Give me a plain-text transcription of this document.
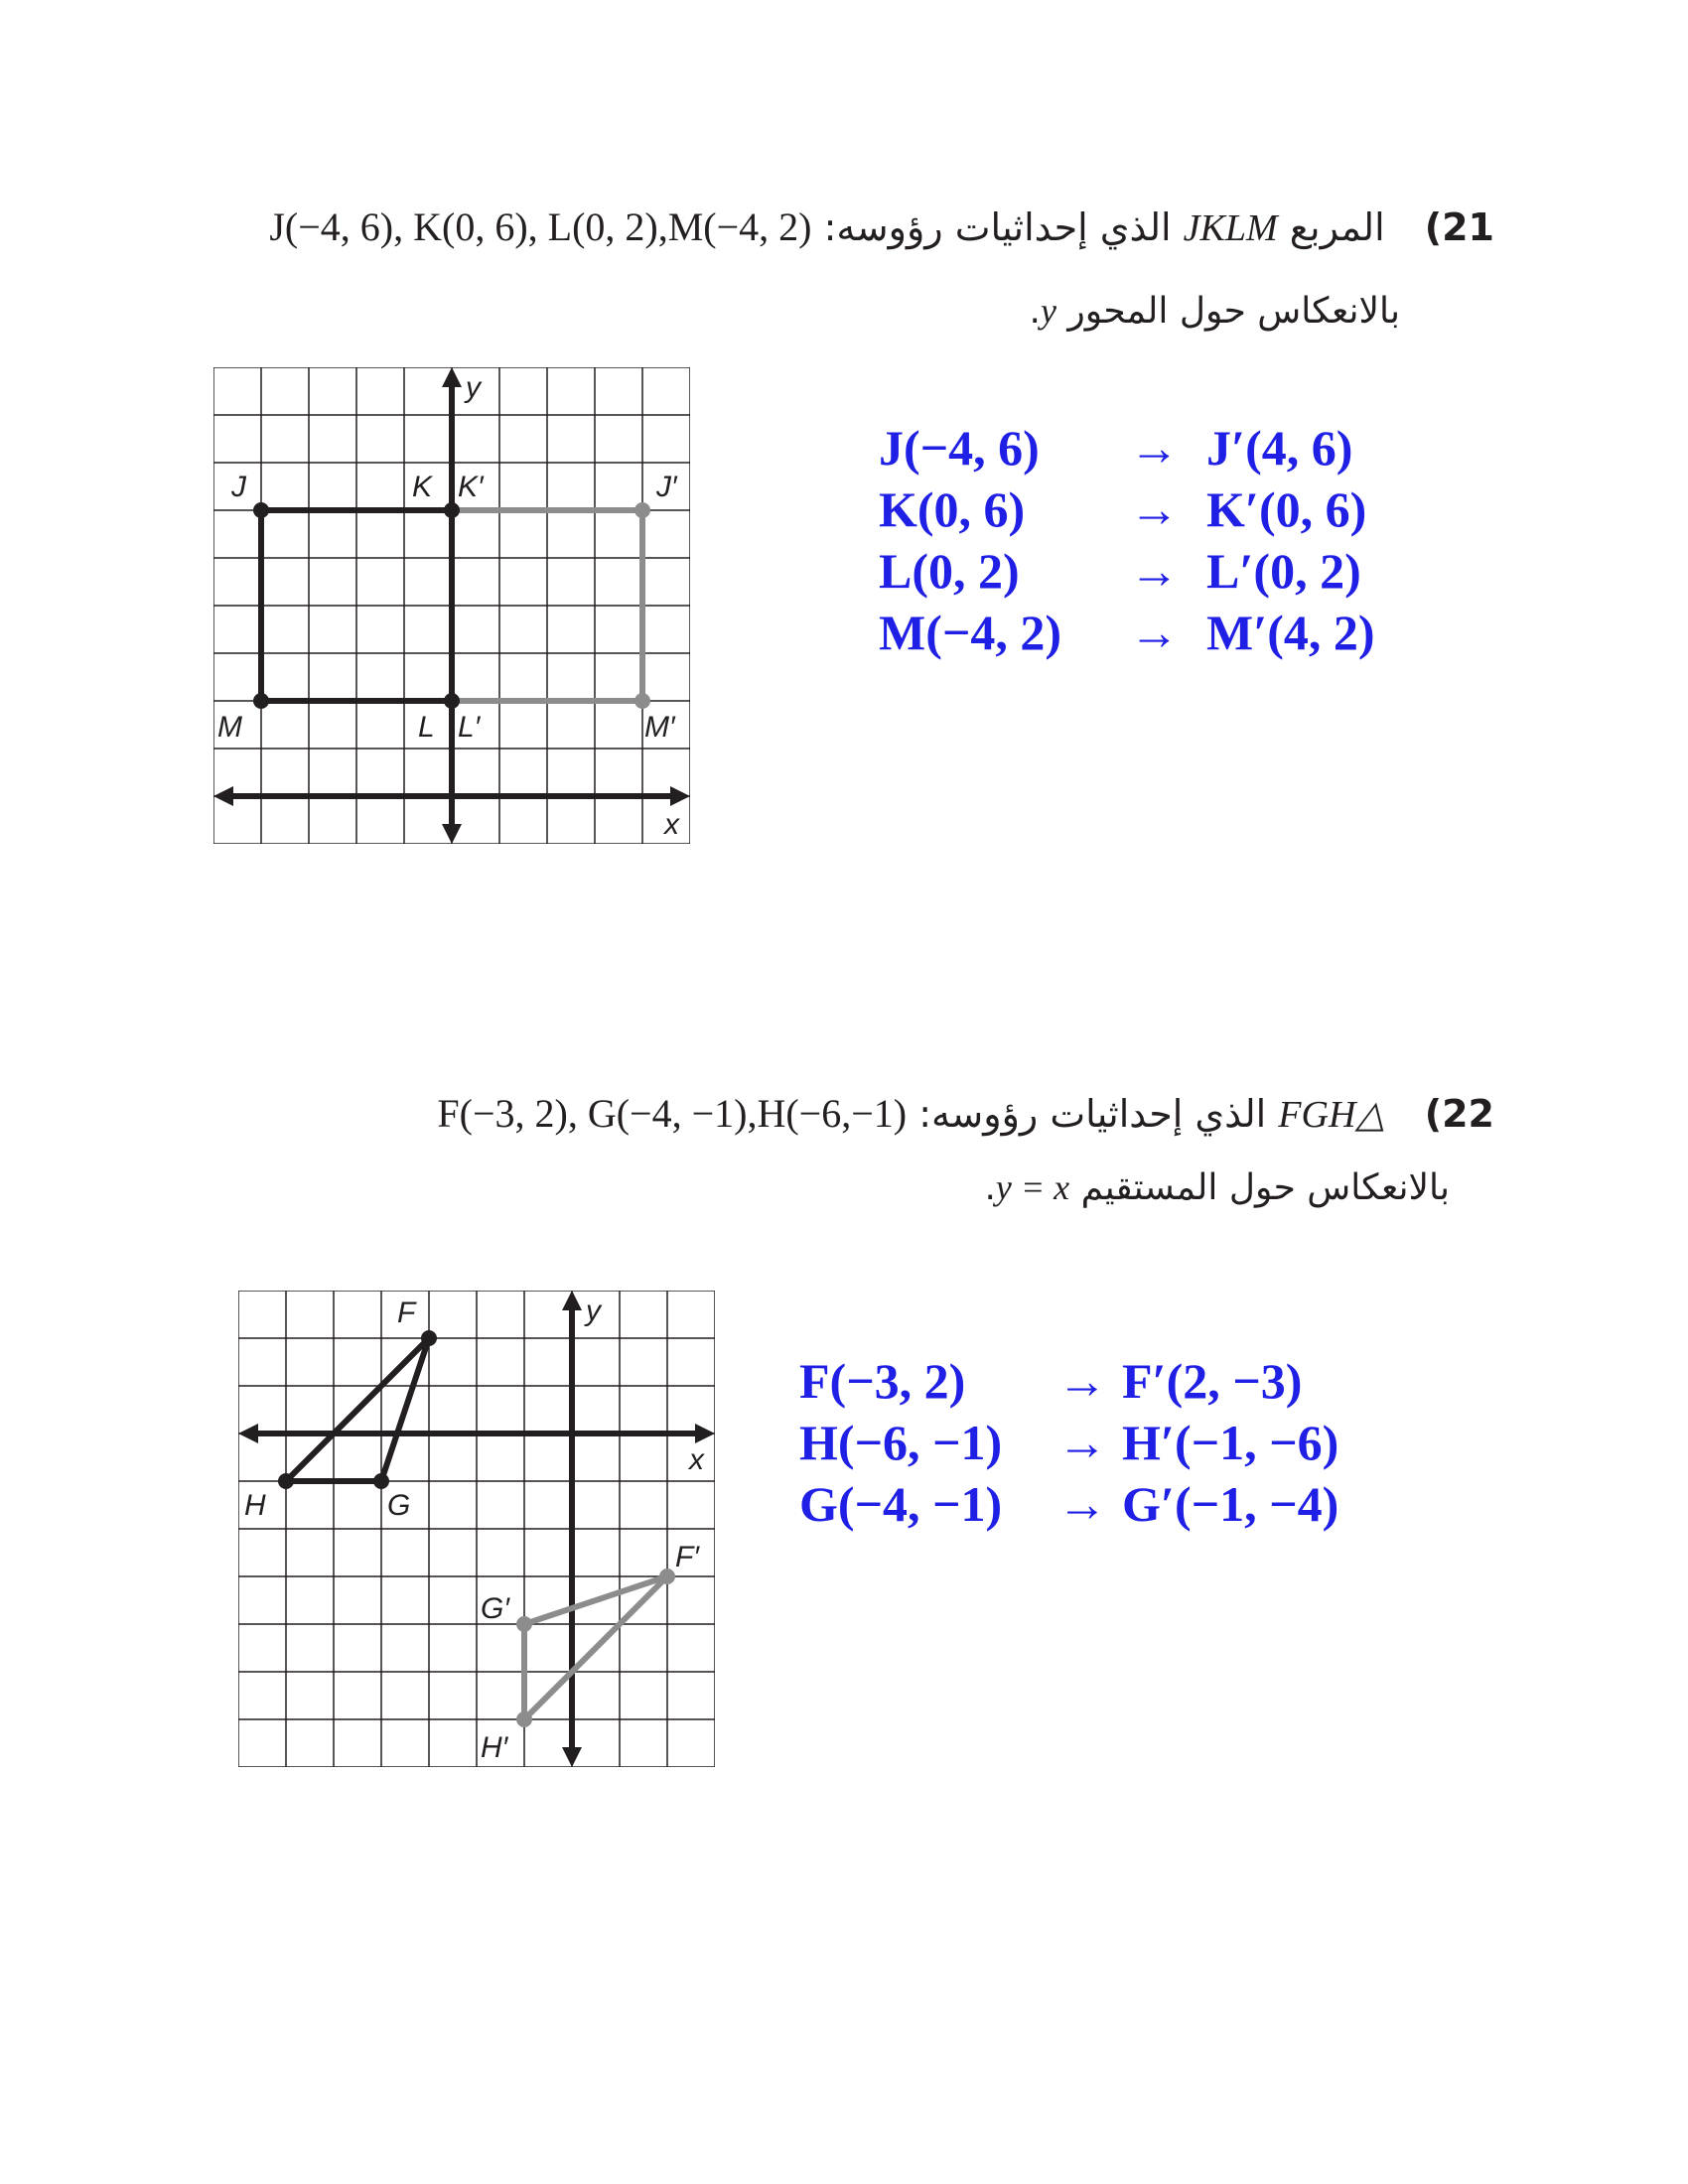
21) المربع JKLM الذي إحداثيات رؤوسه: J(−4, 6), K(0, 6), L(0, 2),M(−4, 2)
بالانعكاس حول المحور y.
y
x
J	K K′	J′
M	L L′	M′
J(−4, 6)	→ J′(4, 6)
K(0, 6)	→ K′(0, 6)
L(0, 2)	→ L′(0, 2)
M(−4, 2)	→ M′(4, 2)
22) △FGH الذي إحداثيات رؤوسه: F(−3, 2), G(−4, −1),H(−6,−1)
بالانعكاس حول المستقيم y = x.
y
x
F
H	G
G′
F′
H′
F(−3, 2)	→ F′(2, −3)
H(−6, −1)	→ H′(−1, −6)
G(−4, −1)	→ G′(−1, −4)
